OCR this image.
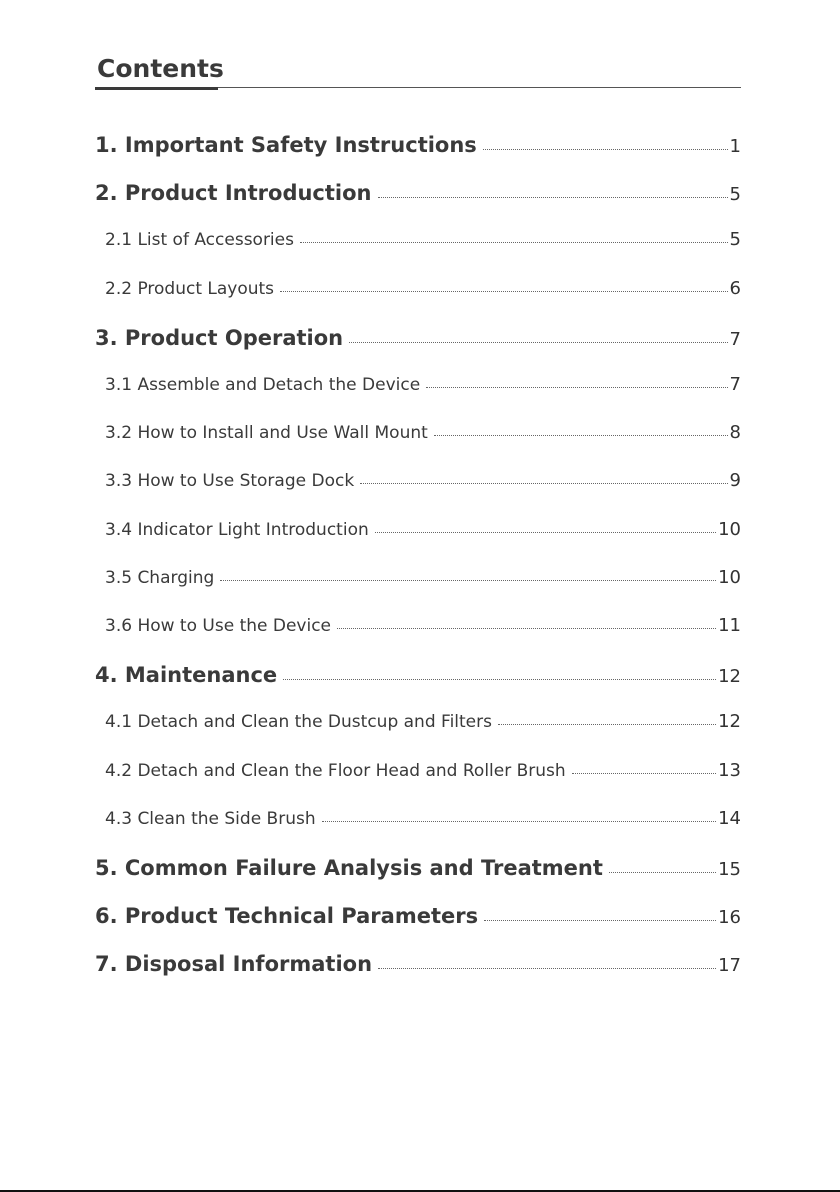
Contents
1. Important Safety Instructions	1
2. Product Introduction	5
2.1 List of Accessories	5
2.2 Product Layouts	6
3. Product Operation	7
3.1 Assemble and Detach the Device	7
3.2 How to Install and Use Wall Mount	8
3.3 How to Use Storage Dock	9
3.4 Indicator Light Introduction	10
3.5 Charging	10
3.6 How to Use the Device	11
4. Maintenance	12
4.1 Detach and Clean the Dustcup and Filters	12
4.2 Detach and Clean the Floor Head and Roller Brush	13
4.3 Clean the Side Brush	14
5. Common Failure Analysis and Treatment	15
6. Product Technical Parameters	16
7. Disposal Information	17
